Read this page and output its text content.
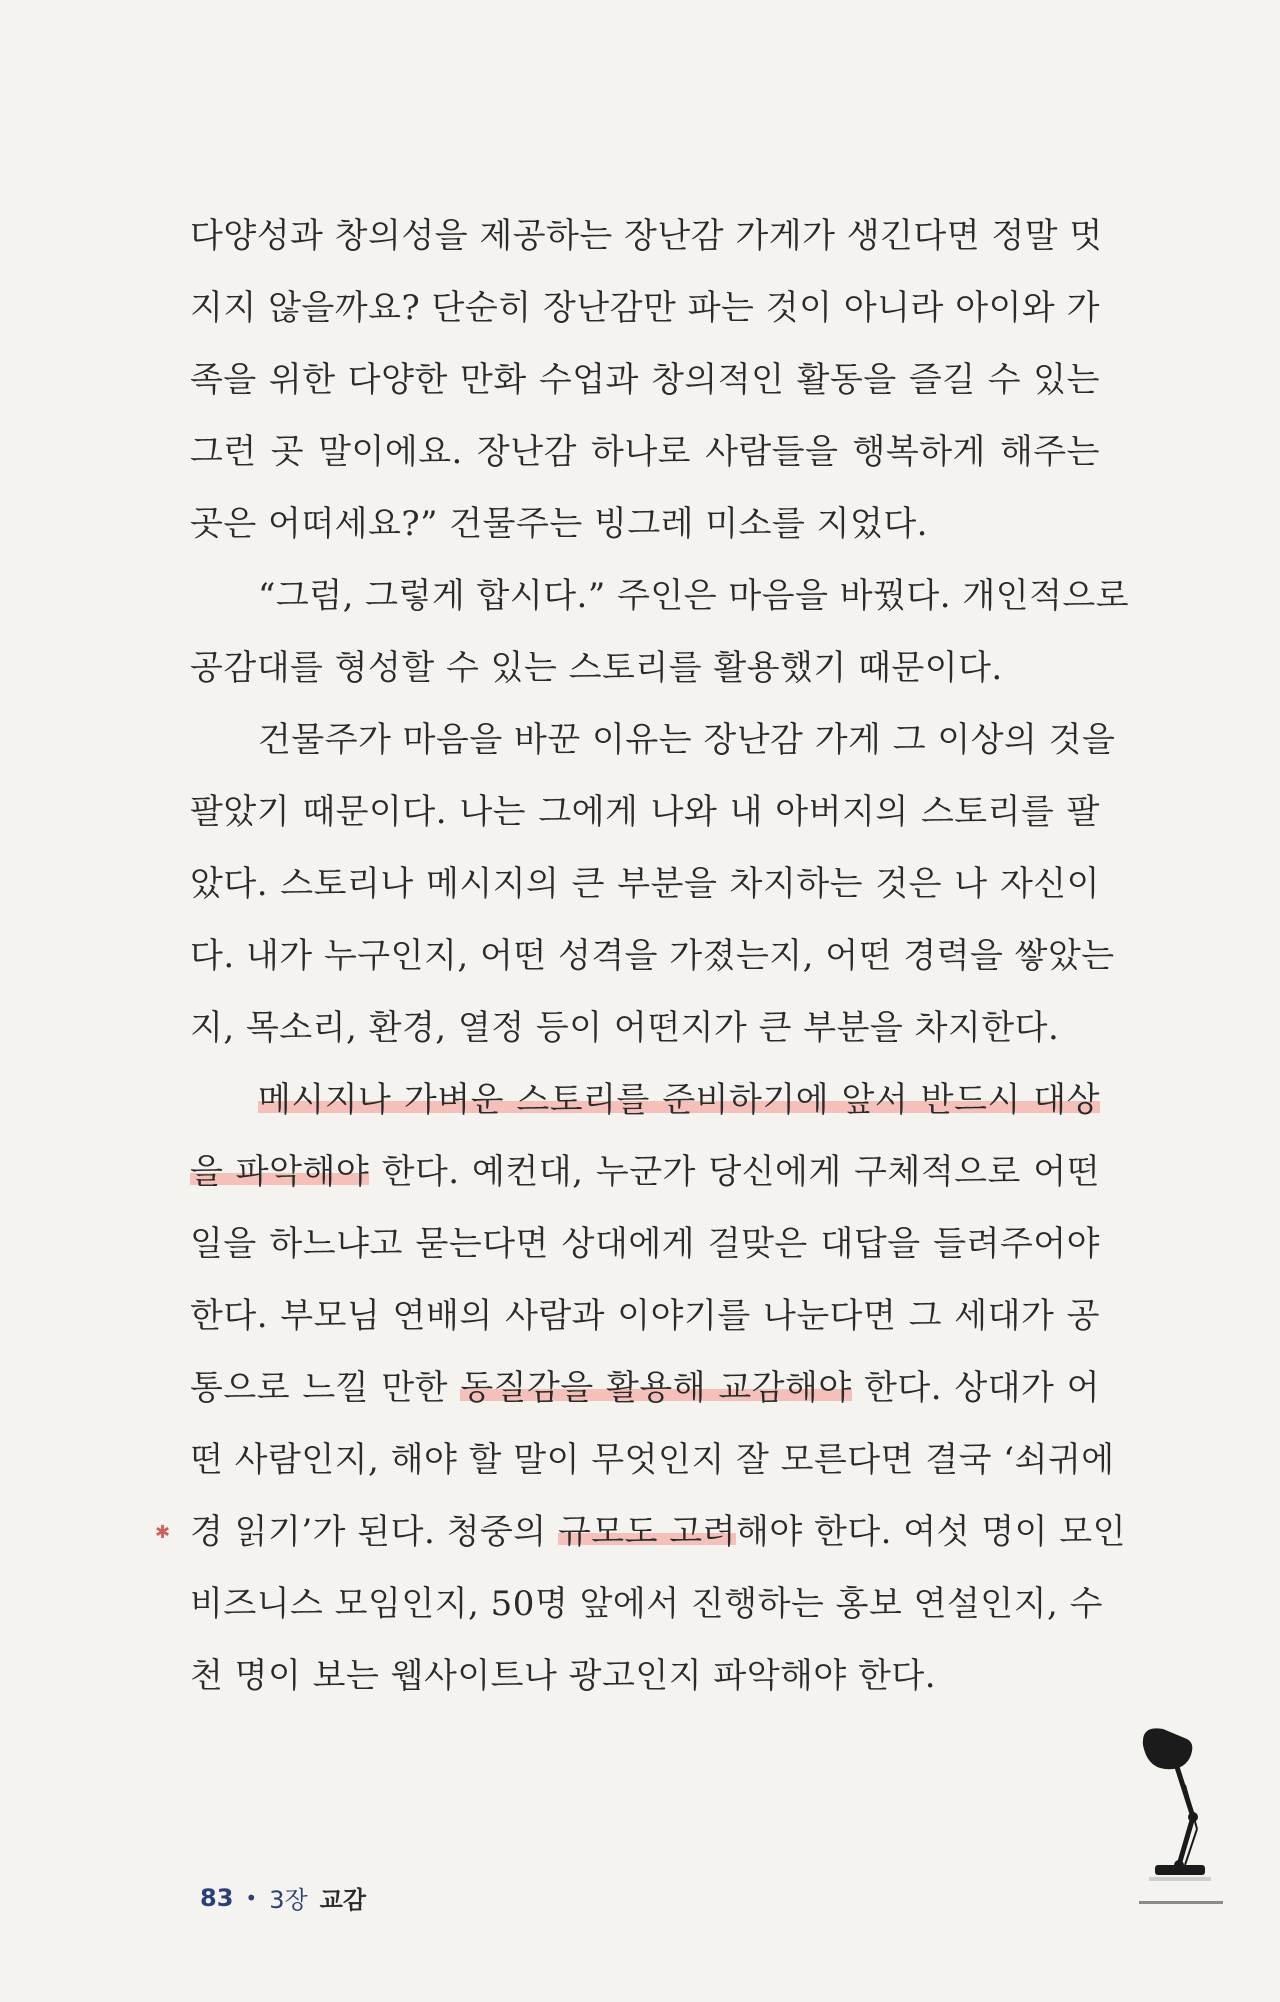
다양성과 창의성을 제공하는 장난감 가게가 생긴다면 정말 멋
지지 않을까요? 단순히 장난감만 파는 것이 아니라 아이와 가
족을 위한 다양한 만화 수업과 창의적인 활동을 즐길 수 있는
그런 곳 말이에요. 장난감 하나로 사람들을 행복하게 해주는
곳은 어떠세요?” 건물주는 빙그레 미소를 지었다.
“그럼, 그렇게 합시다.” 주인은 마음을 바꿨다. 개인적으로
공감대를 형성할 수 있는 스토리를 활용했기 때문이다.
건물주가 마음을 바꾼 이유는 장난감 가게 그 이상의 것을
팔았기 때문이다. 나는 그에게 나와 내 아버지의 스토리를 팔
았다. 스토리나 메시지의 큰 부분을 차지하는 것은 나 자신이
다. 내가 누구인지, 어떤 성격을 가졌는지, 어떤 경력을 쌓았는
지, 목소리, 환경, 열정 등이 어떤지가 큰 부분을 차지한다.
메시지나 가벼운 스토리를 준비하기에 앞서 반드시 대상
을 파악해야 한다. 예컨대, 누군가 당신에게 구체적으로 어떤
일을 하느냐고 묻는다면 상대에게 걸맞은 대답을 들려주어야
한다. 부모님 연배의 사람과 이야기를 나눈다면 그 세대가 공
통으로 느낄 만한 동질감을 활용해 교감해야 한다. 상대가 어
떤 사람인지, 해야 할 말이 무엇인지 잘 모른다면 결국 ‘쇠귀에
경 읽기’가 된다. 청중의 규모도 고려해야 한다. 여섯 명이 모인
비즈니스 모임인지, 50명 앞에서 진행하는 홍보 연설인지, 수
천 명이 보는 웹사이트나 광고인지 파악해야 한다.
✱
83 • 3장 교감
